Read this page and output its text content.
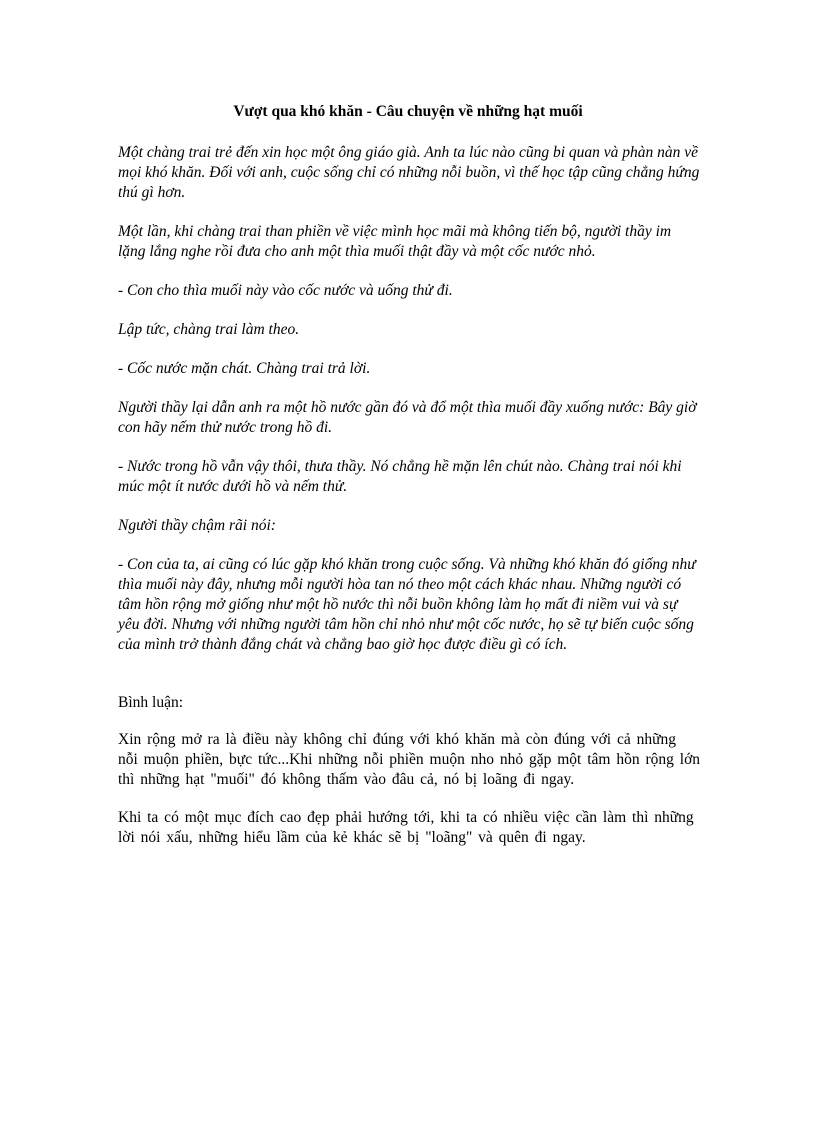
Vượt qua khó khăn - Câu chuyện về những hạt muối

Một chàng trai trẻ đến xin học một ông giáo già. Anh ta lúc nào cũng bi quan và phàn nàn về mọi khó khăn. Đối với anh, cuộc sống chỉ có những nỗi buồn, vì thế học tập cũng chẳng hứng thú gì hơn.

Một lần, khi chàng trai than phiền về việc mình học mãi mà không tiến bộ, người thầy im lặng lắng nghe rồi đưa cho anh một thìa muối thật đầy và một cốc nước nhỏ.

- Con cho thìa muối này vào cốc nước và uống thử đi.

Lập tức, chàng trai làm theo.

- Cốc nước mặn chát. Chàng trai trả lời.

Người thầy lại dẫn anh ra một hồ nước gần đó và đổ một thìa muối đầy xuống nước: Bây giờ con hãy nếm thử nước trong hồ đi.

- Nước trong hồ vẫn vậy thôi, thưa thầy. Nó chẳng hề mặn lên chút nào. Chàng trai nói khi múc một ít nước dưới hồ và nếm thử.

Người thầy chậm rãi nói:

- Con của ta, ai cũng có lúc gặp khó khăn trong cuộc sống. Và những khó khăn đó giống như thìa muối này đây, nhưng mỗi người hòa tan nó theo một cách khác nhau. Những người có tâm hồn rộng mở giống như một hồ nước thì nỗi buồn không làm họ mất đi niềm vui và sự yêu đời. Nhưng với những người tâm hồn chỉ nhỏ như một cốc nước, họ sẽ tự biến cuộc sống của mình trở thành đắng chát và chẳng bao giờ học được điều gì có ích.

Bình luận:

Xin rộng mở ra là điều này không chỉ đúng với khó khăn mà còn đúng với cả những nỗi muộn phiền, bực tức...Khi những nỗi phiền muộn nho nhỏ gặp một tâm hồn rộng lớn thì những hạt "muối" đó không thấm vào đâu cả, nó bị loãng đi ngay.

Khi ta có một mục đích cao đẹp phải hướng tới, khi ta có nhiều việc cần làm thì những lời nói xấu, những hiểu lầm của kẻ khác sẽ bị "loãng" và quên đi ngay.
